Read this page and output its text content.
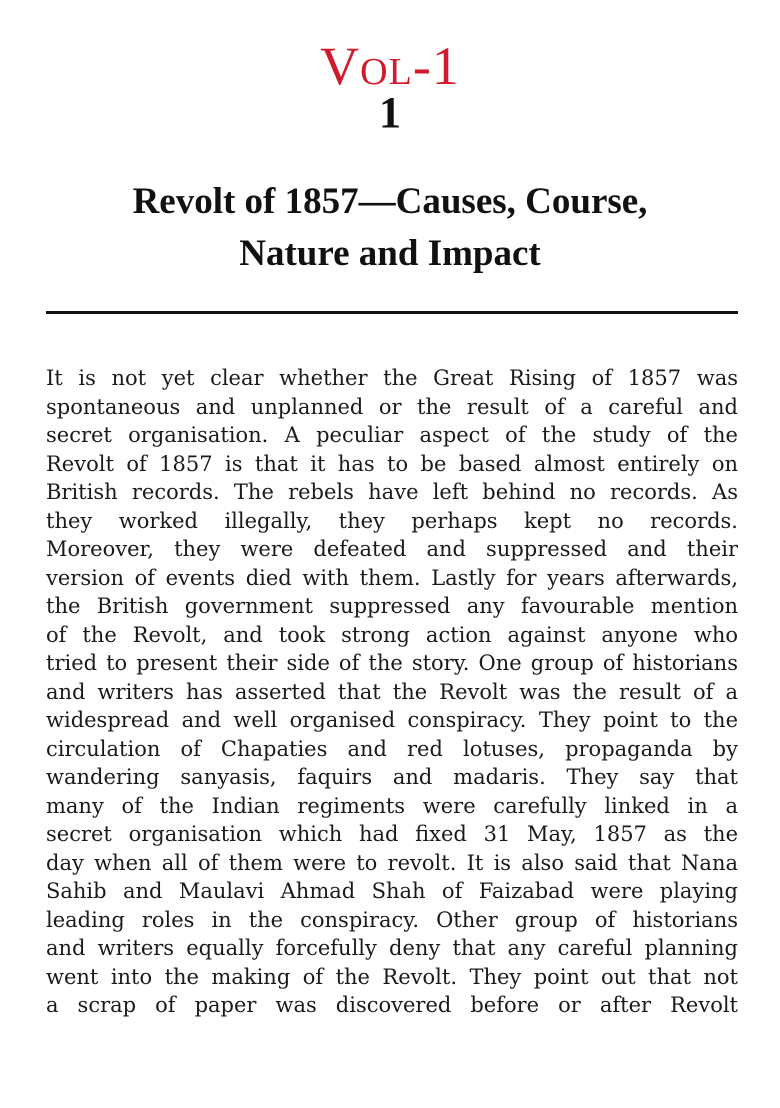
Vol-1
1
Revolt of 1857—Causes, Course,
Nature and Impact
It is not yet clear whether the Great Rising of 1857 was
spontaneous and unplanned or the result of a careful and
secret organisation. A peculiar aspect of the study of the
Revolt of 1857 is that it has to be based almost entirely on
British records. The rebels have left behind no records. As
they worked illegally, they perhaps kept no records.
Moreover, they were defeated and suppressed and their
version of events died with them. Lastly for years afterwards,
the British government suppressed any favourable mention
of the Revolt, and took strong action against anyone who
tried to present their side of the story. One group of historians
and writers has asserted that the Revolt was the result of a
widespread and well organised conspiracy. They point to the
circulation of Chapaties and red lotuses, propaganda by
wandering sanyasis, faquirs and madaris. They say that
many of the Indian regiments were carefully linked in a
secret organisation which had fixed 31 May, 1857 as the
day when all of them were to revolt. It is also said that Nana
Sahib and Maulavi Ahmad Shah of Faizabad were playing
leading roles in the conspiracy. Other group of historians
and writers equally forcefully deny that any careful planning
went into the making of the Revolt. They point out that not
a scrap of paper was discovered before or after Revolt
